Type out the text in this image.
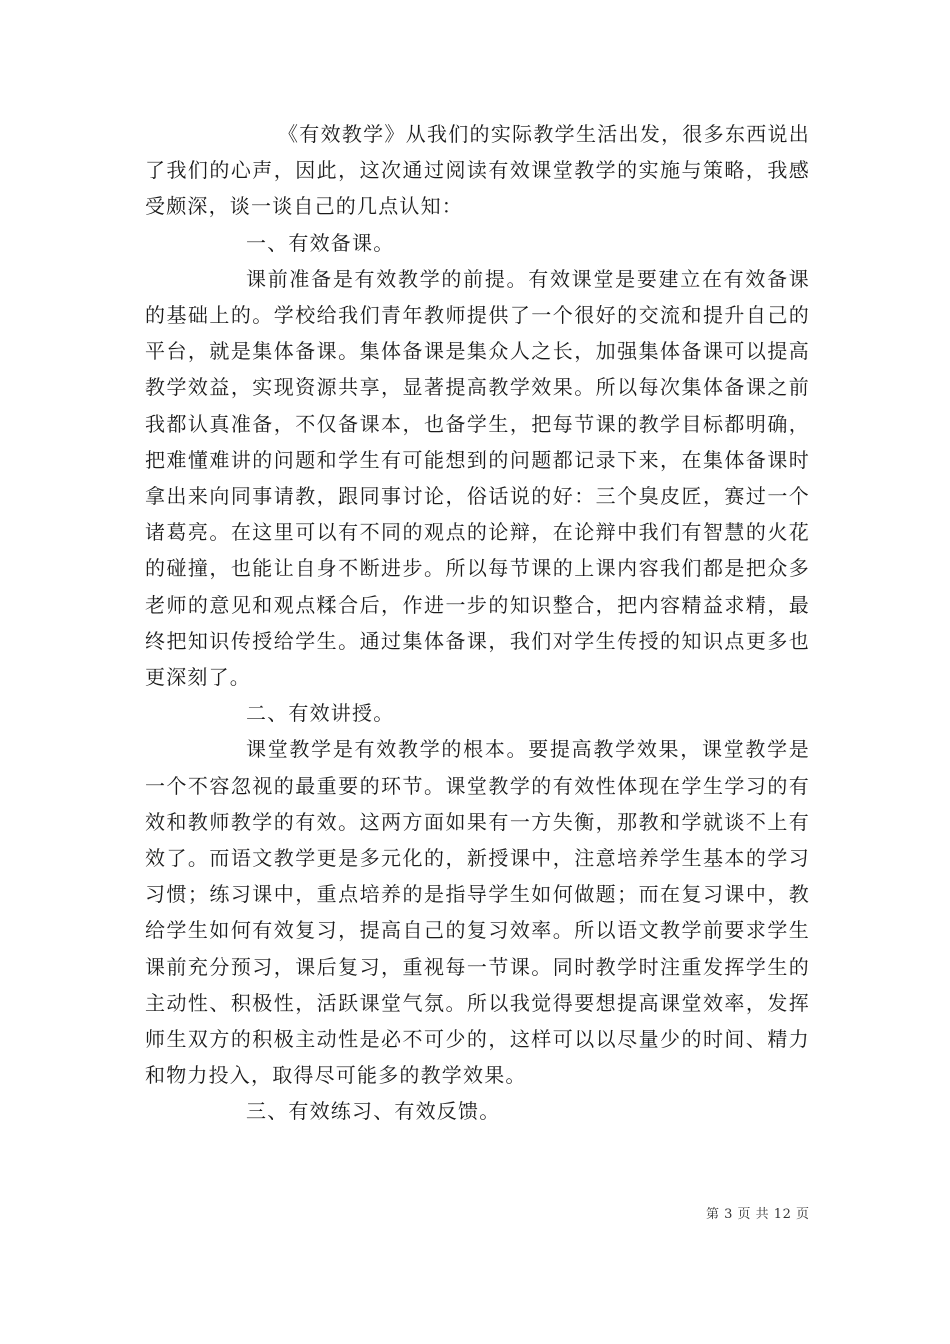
《有效教学》从我们的实际教学生活出发，很多东西说出了我们的心声，因此，这次通过阅读有效课堂教学的实施与策略，我感受颇深，谈一谈自己的几点认知：

一、有效备课。

课前准备是有效教学的前提。有效课堂是要建立在有效备课的基础上的。学校给我们青年教师提供了一个很好的交流和提升自己的平台，就是集体备课。集体备课是集众人之长，加强集体备课可以提高教学效益，实现资源共享，显著提高教学效果。所以每次集体备课之前我都认真准备，不仅备课本，也备学生，把每节课的教学目标都明确，把难懂难讲的问题和学生有可能想到的问题都记录下来，在集体备课时拿出来向同事请教，跟同事讨论，俗话说的好：三个臭皮匠，赛过一个诸葛亮。在这里可以有不同的观点的论辩，在论辩中我们有智慧的火花的碰撞，也能让自身不断进步。所以每节课的上课内容我们都是把众多老师的意见和观点糅合后，作进一步的知识整合，把内容精益求精，最终把知识传授给学生。通过集体备课，我们对学生传授的知识点更多也更深刻了。

二、有效讲授。

课堂教学是有效教学的根本。要提高教学效果，课堂教学是一个不容忽视的最重要的环节。课堂教学的有效性体现在学生学习的有效和教师教学的有效。这两方面如果有一方失衡，那教和学就谈不上有效了。而语文教学更是多元化的，新授课中，注意培养学生基本的学习习惯；练习课中，重点培养的是指导学生如何做题；而在复习课中，教给学生如何有效复习，提高自己的复习效率。所以语文教学前要求学生课前充分预习，课后复习，重视每一节课。同时教学时注重发挥学生的主动性、积极性，活跃课堂气氛。所以我觉得要想提高课堂效率，发挥师生双方的积极主动性是必不可少的，这样可以以尽量少的时间、精力和物力投入，取得尽可能多的教学效果。

三、有效练习、有效反馈。

第 3 页 共 12 页
